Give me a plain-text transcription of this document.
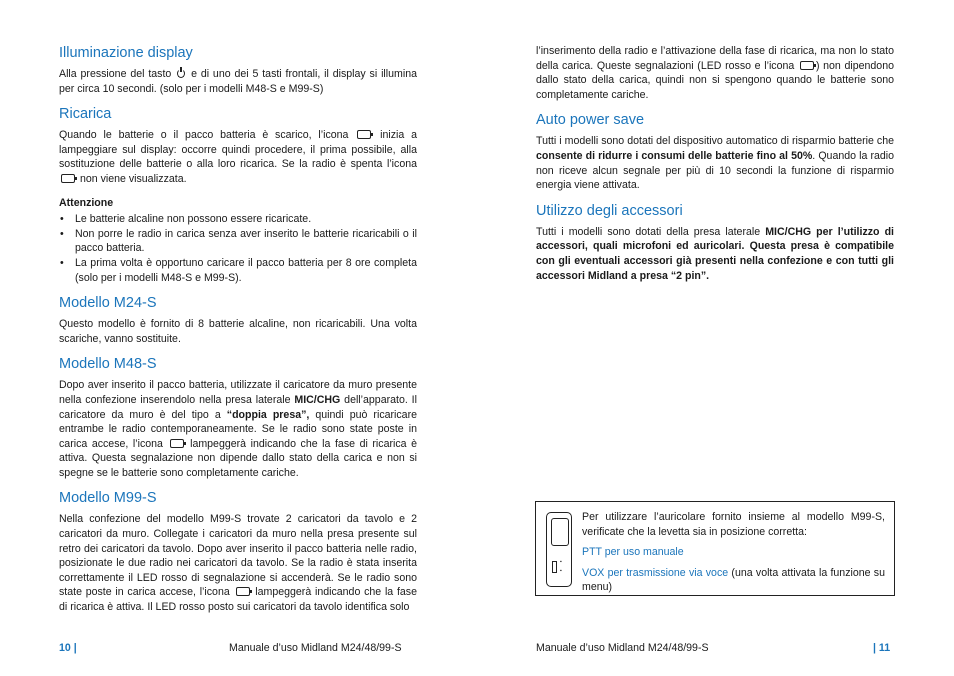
Illuminazione display

Alla pressione del tasto e di uno dei 5 tasti frontali, il display si illumina per circa 10 secondi. (solo per i modelli M48-S e M99-S)

Ricarica

Quando le batterie o il pacco batteria è scarico, l’icona	inizia a lampeggiare sul display: occorre quindi procedere, il prima possibile, alla sostituzione delle batterie o alla loro ricarica. Se la radio è spenta l’icona  non viene visualizzata.

Attenzione
• Le batterie alcaline non possono essere ricaricate.
• Non porre le radio in carica senza aver inserito le batterie ricaricabili o il pacco batteria.
• La prima volta è opportuno caricare il pacco batteria per 8 ore completa (solo per i modelli M48-S e M99-S).
Modello M24-S

Questo modello è fornito di 8 batterie alcaline, non ricaricabili. Una volta scariche, vanno sostituite.

Modello M48-S

Dopo aver inserito il pacco batteria, utilizzate il caricatore da muro presente nella confezione inserendolo nella presa laterale MIC/CHG dell’apparato. Il caricatore da muro è del tipo a “doppia presa”, quindi può ricaricare entrambe le radio contemporaneamente. Se le radio sono state poste in carica accese, l’icona	lampeggerà indicando che la fase di ricarica è attiva. Questa segnalazione non dipende dallo stato della carica e non si spegne se le batterie sono completamente cariche.

Modello M99-S

Nella confezione del modello M99-S trovate 2 caricatori da tavolo e 2 caricatori da muro. Collegate i caricatori da muro nella presa presente sul retro dei caricatori da tavolo. Dopo aver inserito il pacco batteria nelle radio, posizionate le due radio nei caricatori da tavolo. Se la radio è stata inserita correttamente il LED rosso di segnalazione si accenderà. Se le radio sono state poste in carica accese, l’icona lampeggerà indicando che la fase di ricarica è attiva. Il LED rosso posto sui caricatori da tavolo identifica solo

l’inserimento della radio e l’attivazione della fase di ricarica, ma non lo stato della carica. Queste segnalazioni (LED rosso e l’icona ) non dipendono dallo stato della carica, quindi non si spengono quando le batterie sono completamente cariche.

Auto power save

Tutti i modelli sono dotati del dispositivo automatico di risparmio batterie che consente di ridurre i consumi delle batterie fino al 50%. Quando la radio non riceve alcun segnale per più di 10 secondi la funzione di risparmio energia viene attivata.

Utilizzo degli accessori

Tutti i modelli sono dotati della presa laterale MIC/CHG per l’utilizzo di accessori, quali microfoni ed auricolari. Questa presa è compatibile con gli eventuali accessori già presenti nella confezione e con tutti gli accessori Midland a presa “2 pin”.

▪
▪

Per utilizzare l’auricolare fornito insieme al modello M99-S, verificate che la levetta sia in posizione corretta:

PTT per uso manuale

VOX per trasmissione via voce (una volta attivata la funzione su menu)

10 |	Manuale d’uso Midland M24/48/99-S	Manuale d’uso Midland M24/48/99-S	| 11
